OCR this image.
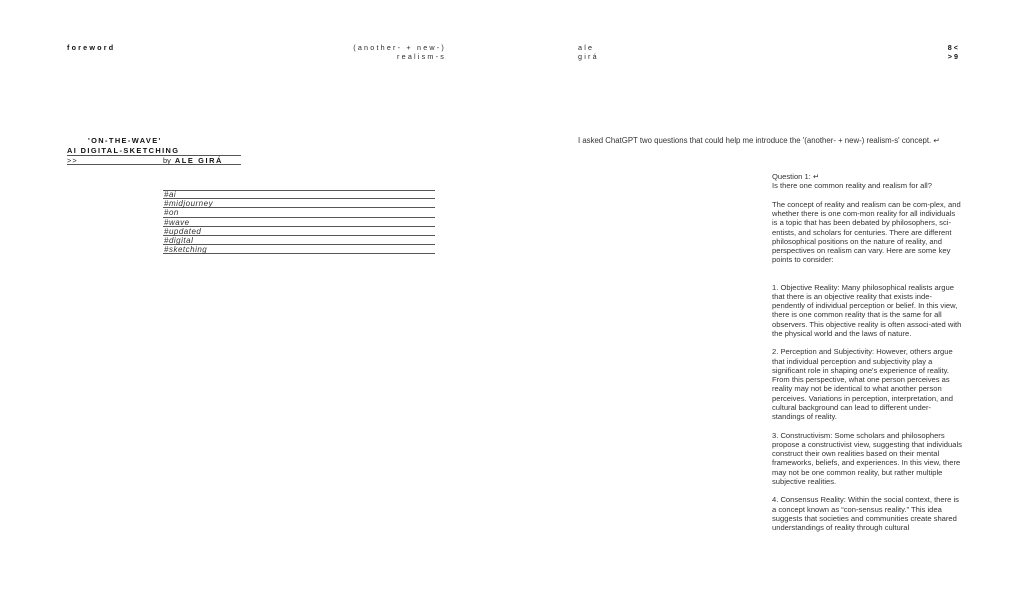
foreword	(another- + new-)
realism-s
ale
girá
8 <
> 9
'ON-THE-WAVE'
AI DIGITAL-SKETCHING
>>	by ALE GIRÁ
#ai
#midjourney
#on
#wave
#updated
#digital
#sketching
I asked ChatGPT two questions that could help me introduce the '(another- + new-) realism-s' concept. ↵

Question 1: ↵

Is there one common reality and realism for all?

The concept of reality and realism can be com-plex, and whether there is one com-mon reality for all individuals is a topic that has been debated by philosophers, sci-entists, and scholars for centuries. There are different philosophical positions on the nature of reality, and perspectives on realism can vary. Here are some key points to consider:

1. Objective Reality: Many philosophical realists argue that there is an objective reality that exists inde-pendently of individual perception or belief. In this view, there is one common reality that is the same for all observers. This objective reality is often associ-ated with the physical world and the laws of nature.

2. Perception and Subjectivity: However, others argue that individual perception and subjectivity play a significant role in shaping one's experience of reality. From this perspective, what one person perceives as reality may not be identical to what another person perceives. Variations in perception, interpretation, and cultural background can lead to different under-standings of reality.

3. Constructivism: Some scholars and philosophers propose a constructivist view, suggesting that individuals construct their own realities based on their mental frameworks, beliefs, and experiences. In this view, there may not be one common reality, but rather multiple subjective realities.

4. Consensus Reality: Within the social context, there is a concept known as “con-sensus reality.” This idea suggests that societies and communities create shared understandings of reality through cultural
